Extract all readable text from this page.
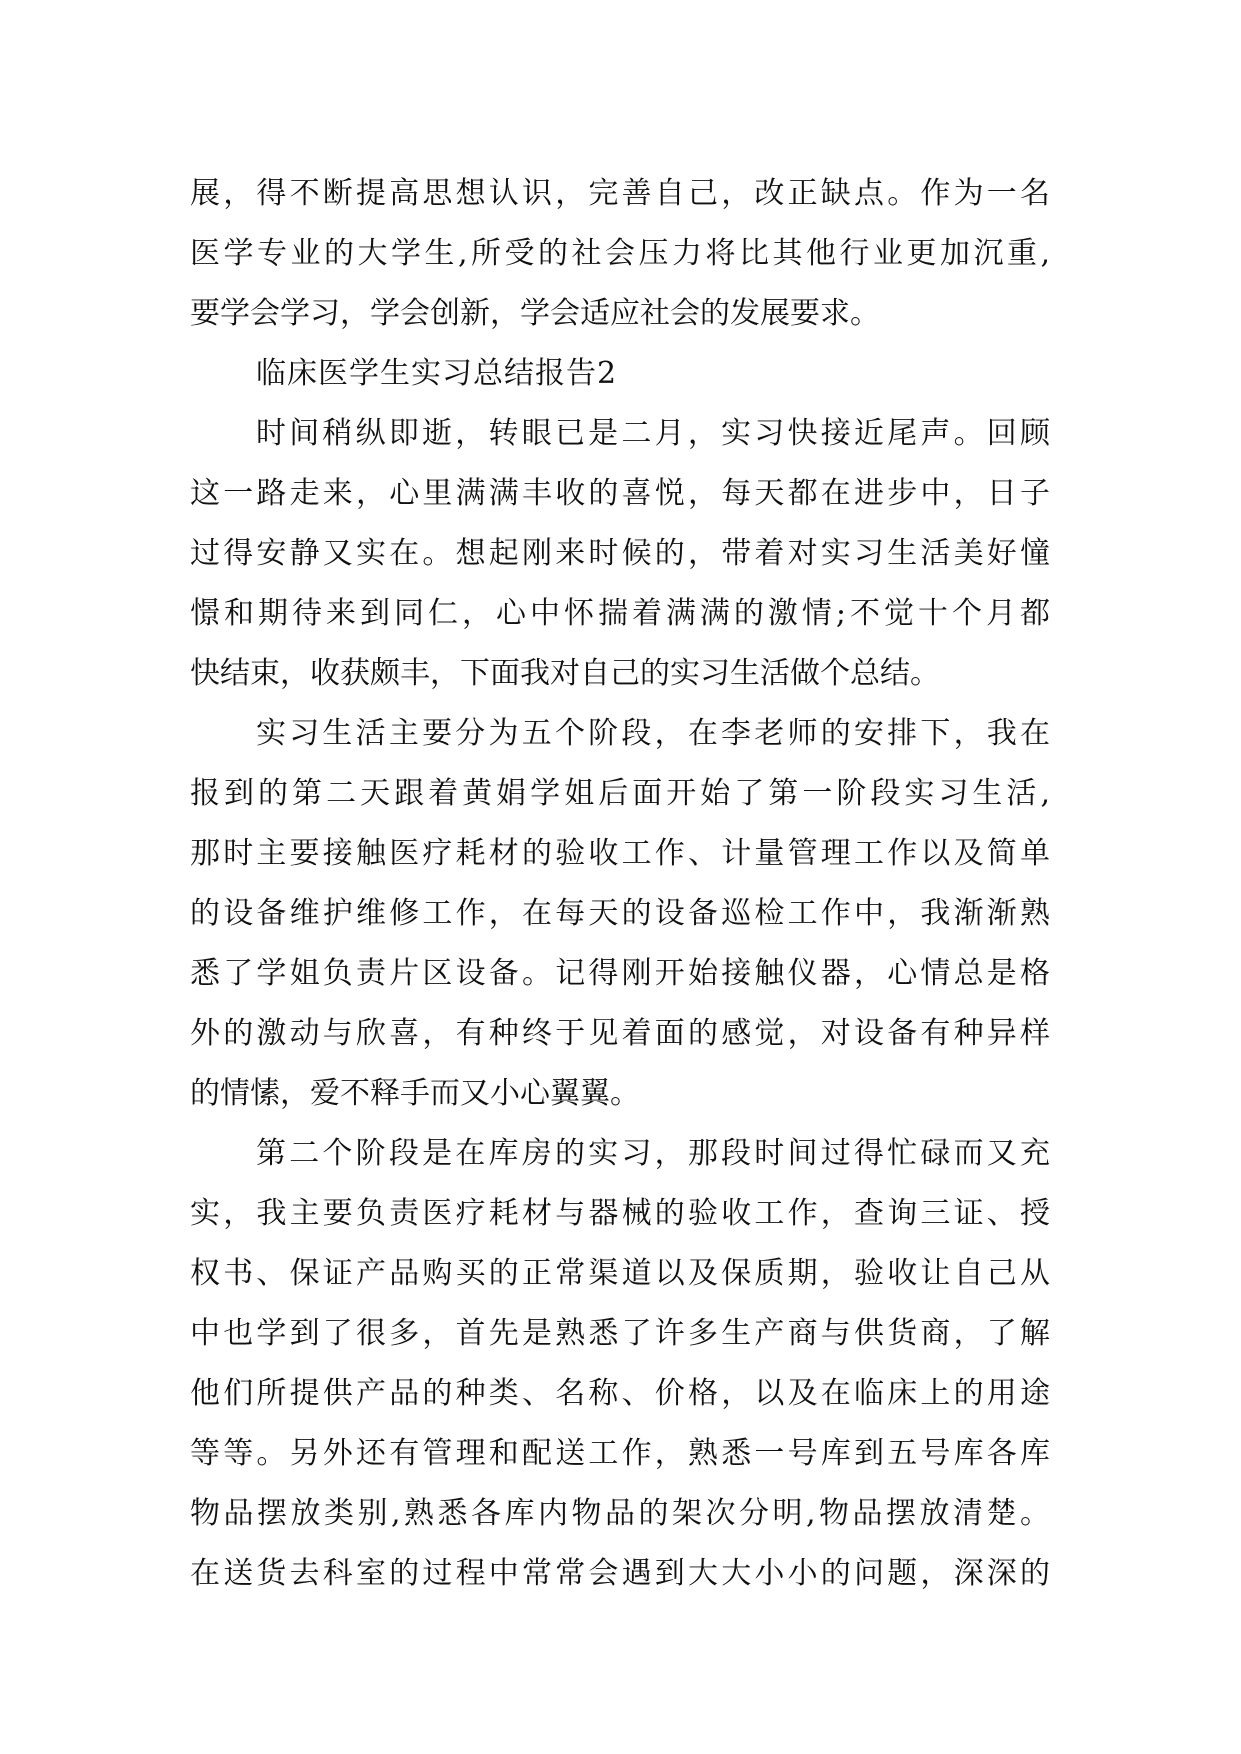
展，得不断提高思想认识，完善自己，改正缺点。作为一名
医学专业的大学生,所受的社会压力将比其他行业更加沉重,
要学会学习，学会创新，学会适应社会的发展要求。
临床医学生实习总结报告2
时间稍纵即逝，转眼已是二月，实习快接近尾声。回顾
这一路走来，心里满满丰收的喜悦，每天都在进步中，日子
过得安静又实在。想起刚来时候的，带着对实习生活美好憧
憬和期待来到同仁，心中怀揣着满满的激情;不觉十个月都
快结束，收获颇丰，下面我对自己的实习生活做个总结。
实习生活主要分为五个阶段，在李老师的安排下，我在
报到的第二天跟着黄娟学姐后面开始了第一阶段实习生活,
那时主要接触医疗耗材的验收工作、计量管理工作以及简单
的设备维护维修工作，在每天的设备巡检工作中，我渐渐熟
悉了学姐负责片区设备。记得刚开始接触仪器，心情总是格
外的激动与欣喜，有种终于见着面的感觉，对设备有种异样
的情愫，爱不释手而又小心翼翼。
第二个阶段是在库房的实习，那段时间过得忙碌而又充
实，我主要负责医疗耗材与器械的验收工作，查询三证、授
权书、保证产品购买的正常渠道以及保质期，验收让自己从
中也学到了很多，首先是熟悉了许多生产商与供货商，了解
他们所提供产品的种类、名称、价格，以及在临床上的用途
等等。另外还有管理和配送工作，熟悉一号库到五号库各库
物品摆放类别,熟悉各库内物品的架次分明,物品摆放清楚。
在送货去科室的过程中常常会遇到大大小小的问题，深深的
